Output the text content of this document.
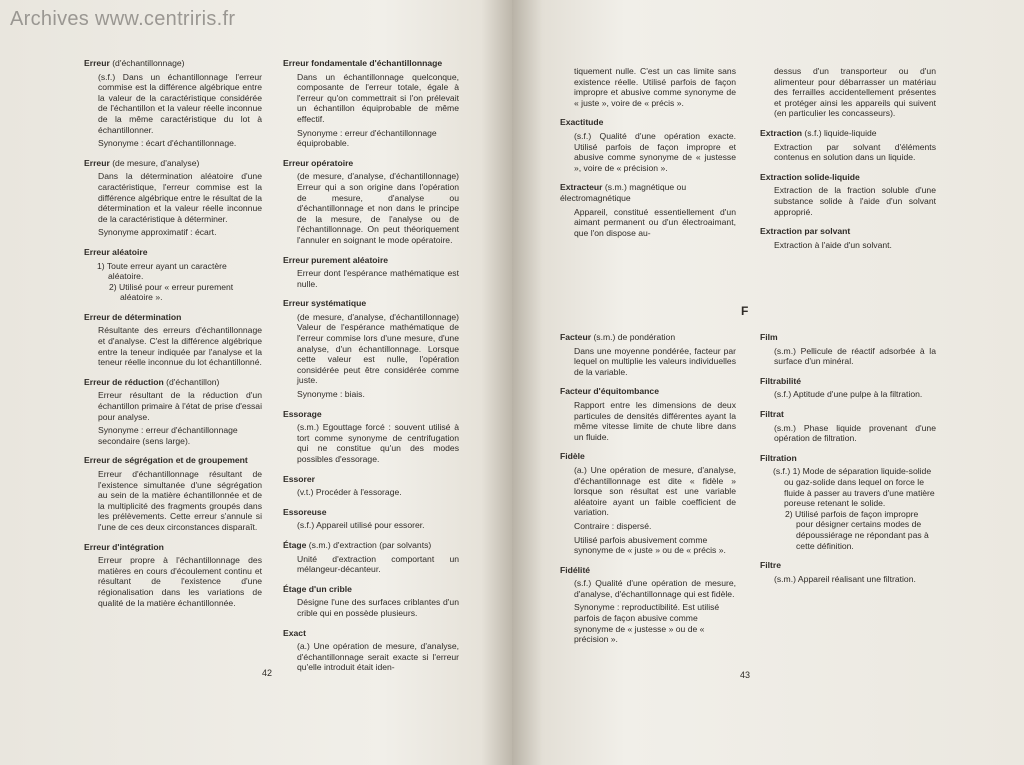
Archives www.centriris.fr
Erreur (d'échantillonnage)
(s.f.) Dans un échantillonnage l'erreur commise est la différence algébrique entre la valeur de la caractéristique considérée de l'échantillon et la valeur réelle inconnue de la même caractéristique du lot à échantillonner.
Synonyme : écart d'échantillonnage.
Erreur (de mesure, d'analyse)
Dans la détermination aléatoire d'une caractéristique, l'erreur commise est la différence algébrique entre le résultat de la détermination et la valeur réelle inconnue de la caractéristique à déterminer.
Synonyme approximatif : écart.
Erreur aléatoire
1) Toute erreur ayant un caractère aléatoire.
2) Utilisé pour « erreur purement aléatoire ».
Erreur de détermination
Résultante des erreurs d'échantillonnage et d'analyse. C'est la différence algébrique entre la teneur indiquée par l'analyse et la teneur réelle inconnue du lot échantillonné.
Erreur de réduction (d'échantillon)
Erreur résultant de la réduction d'un échantillon primaire à l'état de prise d'essai pour analyse.
Synonyme : erreur d'échantillonnage secondaire (sens large).
Erreur de ségrégation et de groupement
Erreur d'échantillonnage résultant de l'existence simultanée d'une ségrégation au sein de la matière échantillonnée et de la multiplicité des fragments groupés dans les prélèvements. Cette erreur s'annule si l'une de ces deux circonstances disparaît.
Erreur d'intégration
Erreur propre à l'échantillonnage des matières en cours d'écoulement continu et résultant de l'existence d'une régionalisation dans les variations de qualité de la matière échantillonnée.
Erreur fondamentale d'échantillonnage
Dans un échantillonnage quelconque, composante de l'erreur totale, égale à l'erreur qu'on commettrait si l'on prélevait un échantillon équiprobable de même effectif.
Synonyme : erreur d'échantillonnage équiprobable.
Erreur opératoire
(de mesure, d'analyse, d'échantillonnage) Erreur qui a son origine dans l'opération de mesure, d'analyse ou d'échantillonnage et non dans le principe de la mesure, de l'analyse ou de l'échantillonnage. On peut théoriquement l'annuler en soignant le mode opératoire.
Erreur purement aléatoire
Erreur dont l'espérance mathématique est nulle.
Erreur systématique
(de mesure, d'analyse, d'échantillonnage) Valeur de l'espérance mathématique de l'erreur commise lors d'une mesure, d'une analyse, d'un échantillonnage. Lorsque cette valeur est nulle, l'opération considérée peut être considérée comme juste.
Synonyme : biais.
Essorage
(s.m.) Egouttage forcé : souvent utilisé à tort comme synonyme de centrifugation qui ne constitue qu'un des modes possibles d'essorage.
Essorer
(v.t.) Procéder à l'essorage.
Essoreuse
(s.f.) Appareil utilisé pour essorer.
Étage (s.m.) d'extraction (par solvants)
Unité d'extraction comportant un mélangeur-décanteur.
Étage d'un crible
Désigne l'une des surfaces criblantes d'un crible qui en possède plusieurs.
Exact
(a.) Une opération de mesure, d'analyse, d'échantillonnage serait exacte si l'erreur qu'elle introduit était iden-
42
tiquement nulle. C'est un cas limite sans existence réelle. Utilisé parfois de façon impropre et abusive comme synonyme de « juste », voire de « précis ».
Exactitude
(s.f.) Qualité d'une opération exacte. Utilisé parfois de façon impropre et abusive comme synonyme de « justesse », voire de « précision ».
Extracteur (s.m.) magnétique ou électromagnétique
Appareil, constitué essentiellement d'un aimant permanent ou d'un électroaimant, que l'on dispose au-
dessus d'un transporteur ou d'un alimenteur pour débarrasser un matériau des ferrailles accidentellement présentes et protéger ainsi les appareils qui suivent (en particulier les concasseurs).
Extraction (s.f.) liquide-liquide
Extraction par solvant d'éléments contenus en solution dans un liquide.
Extraction solide-liquide
Extraction de la fraction soluble d'une substance solide à l'aide d'un solvant approprié.
Extraction par solvant
Extraction à l'aide d'un solvant.
F
Facteur (s.m.) de pondération
Dans une moyenne pondérée, facteur par lequel on multiplie les valeurs individuelles de la variable.
Facteur d'équitombance
Rapport entre les dimensions de deux particules de densités différentes ayant la même vitesse limite de chute libre dans un fluide.
Fidèle
(a.) Une opération de mesure, d'analyse, d'échantillonnage est dite « fidèle » lorsque son résultat est une variable aléatoire ayant un faible coefficient de variation.
Contraire : dispersé.
Utilisé parfois abusivement comme synonyme de « juste » ou de « précis ».
Fidélité
(s.f.) Qualité d'une opération de mesure, d'analyse, d'échantillonnage qui est fidèle.
Synonyme : reproductibilité. Est utilisé parfois de façon abusive comme synonyme de « justesse » ou de « précision ».
Film
(s.m.) Pellicule de réactif adsorbée à la surface d'un minéral.
Filtrabilité
(s.f.) Aptitude d'une pulpe à la filtration.
Filtrat
(s.m.) Phase liquide provenant d'une opération de filtration.
Filtration
(s.f.) 1) Mode de séparation liquide-solide ou gaz-solide dans lequel on force le fluide à passer au travers d'une matière poreuse retenant le solide.
2) Utilisé parfois de façon impropre pour désigner certains modes de dépoussiérage ne répondant pas à cette définition.
Filtre
(s.m.) Appareil réalisant une filtration.
43
